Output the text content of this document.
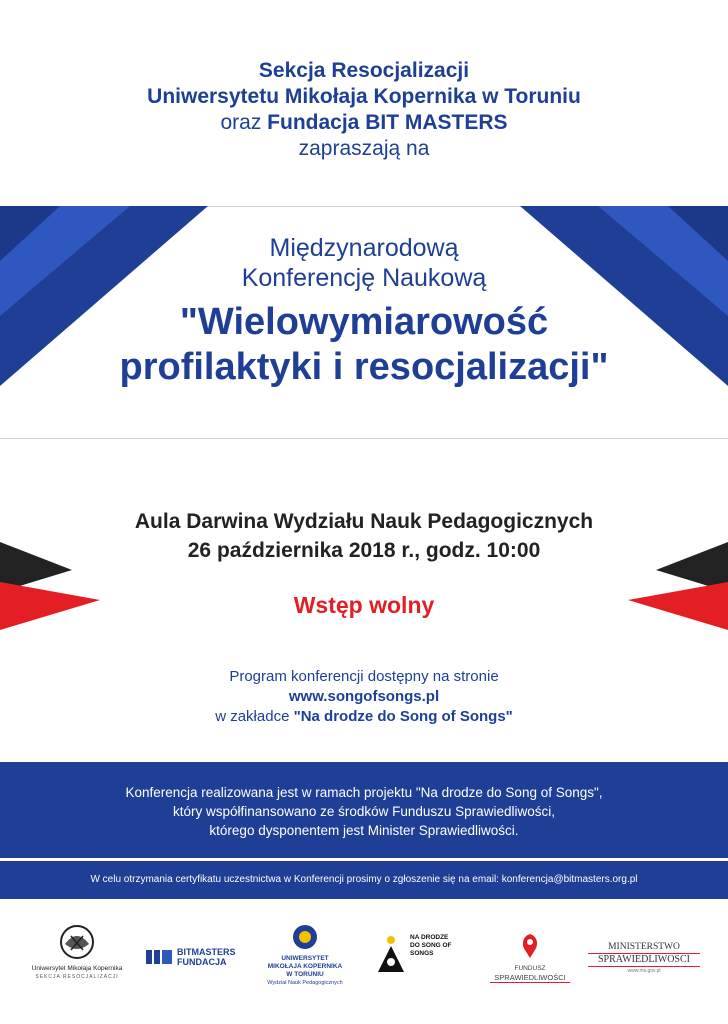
Sekcja Resocjalizacji
Uniwersytetu Mikołaja Kopernika w Toruniu
oraz Fundacja BIT MASTERS
zapraszają na
Międzynarodową
Konferencję Naukową
"Wielowymiarowość
profilaktyki i resocjalizacji"
Aula Darwina Wydziału Nauk Pedagogicznych
26 października 2018 r., godz. 10:00
Wstęp wolny
Program konferencji dostępny na stronie
www.songofsongs.pl
w zakładce "Na drodze do Song of Songs"
Konferencja realizowana jest w ramach projektu "Na drodze do Song of Songs",
który współfinansowano ze środków Funduszu Sprawiedliwości,
którego dysponentem jest Minister Sprawiedliwości.
W celu otrzymania certyfikatu uczestnictwa w Konferencji prosimy o zgłoszenie się na email: konferencja@bitmasters.org.pl
Uniwersytet Mikołaja Kopernika
SEKCJA RESOCJALIZACJI
BITMASTERS
FUNDACJA	UNIWERSYTET
MIKOŁAJA KOPERNIKA
W TORUNIU
Wydział Nauk Pedagogicznych
NA DRODZE
DO SONG OF SONGS
FUNDUSZ
SPRAWIEDLIWOŚCI
MINISTERSTWO
SPRAWIEDLIWOŚCI
www.ms.gov.pl
